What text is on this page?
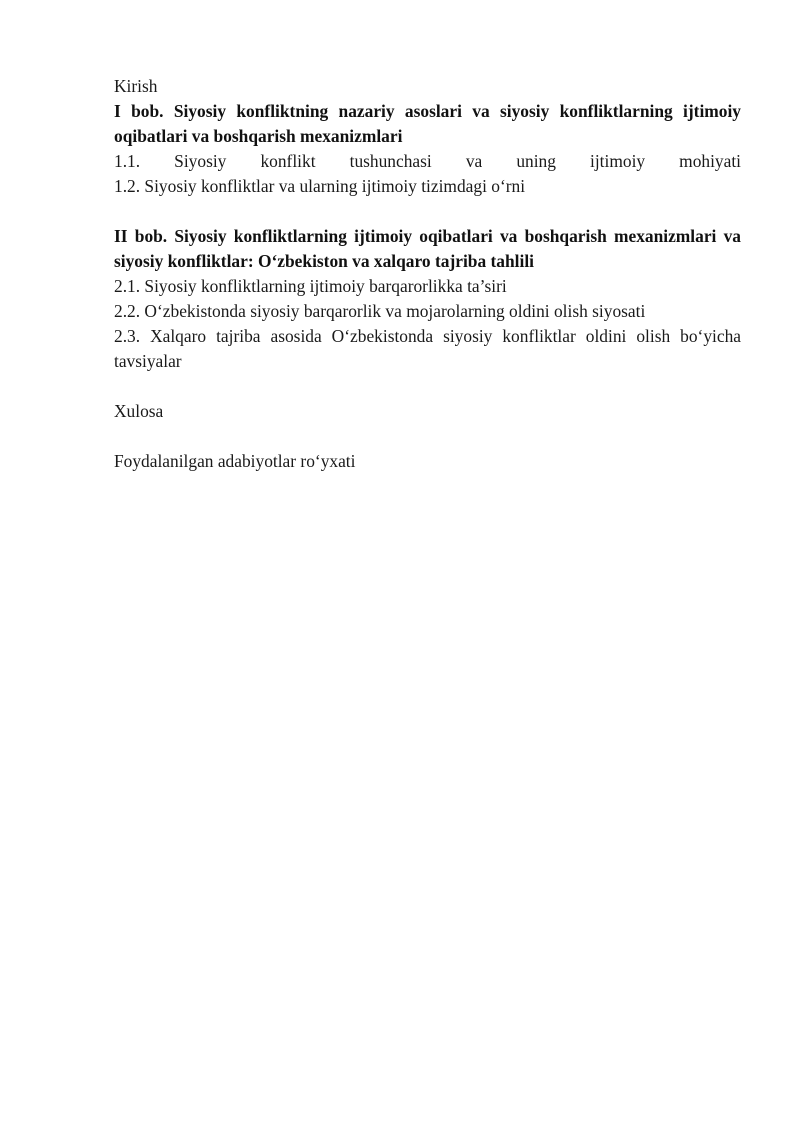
Kirish
I bob. Siyosiy konfliktning nazariy asoslari va siyosiy konfliktlarning ijtimoiy oqibatlari va boshqarish mexanizmlari
1.1. Siyosiy konflikt tushunchasi va uning ijtimoiy mohiyati
1.2. Siyosiy konfliktlar va ularning ijtimoiy tizimdagi o‘rni
II bob. Siyosiy konfliktlarning ijtimoiy oqibatlari va boshqarish mexanizmlari va siyosiy konfliktlar: O‘zbekiston va xalqaro tajriba tahlili
2.1. Siyosiy konfliktlarning ijtimoiy barqarorlikka ta’siri
2.2. O‘zbekistonda siyosiy barqarorlik va mojarolarning oldini olish siyosati
2.3. Xalqaro tajriba asosida O‘zbekistonda siyosiy konfliktlar oldini olish bo‘yicha tavsiyalar
Xulosa
Foydalanilgan adabiyotlar ro‘yxati
